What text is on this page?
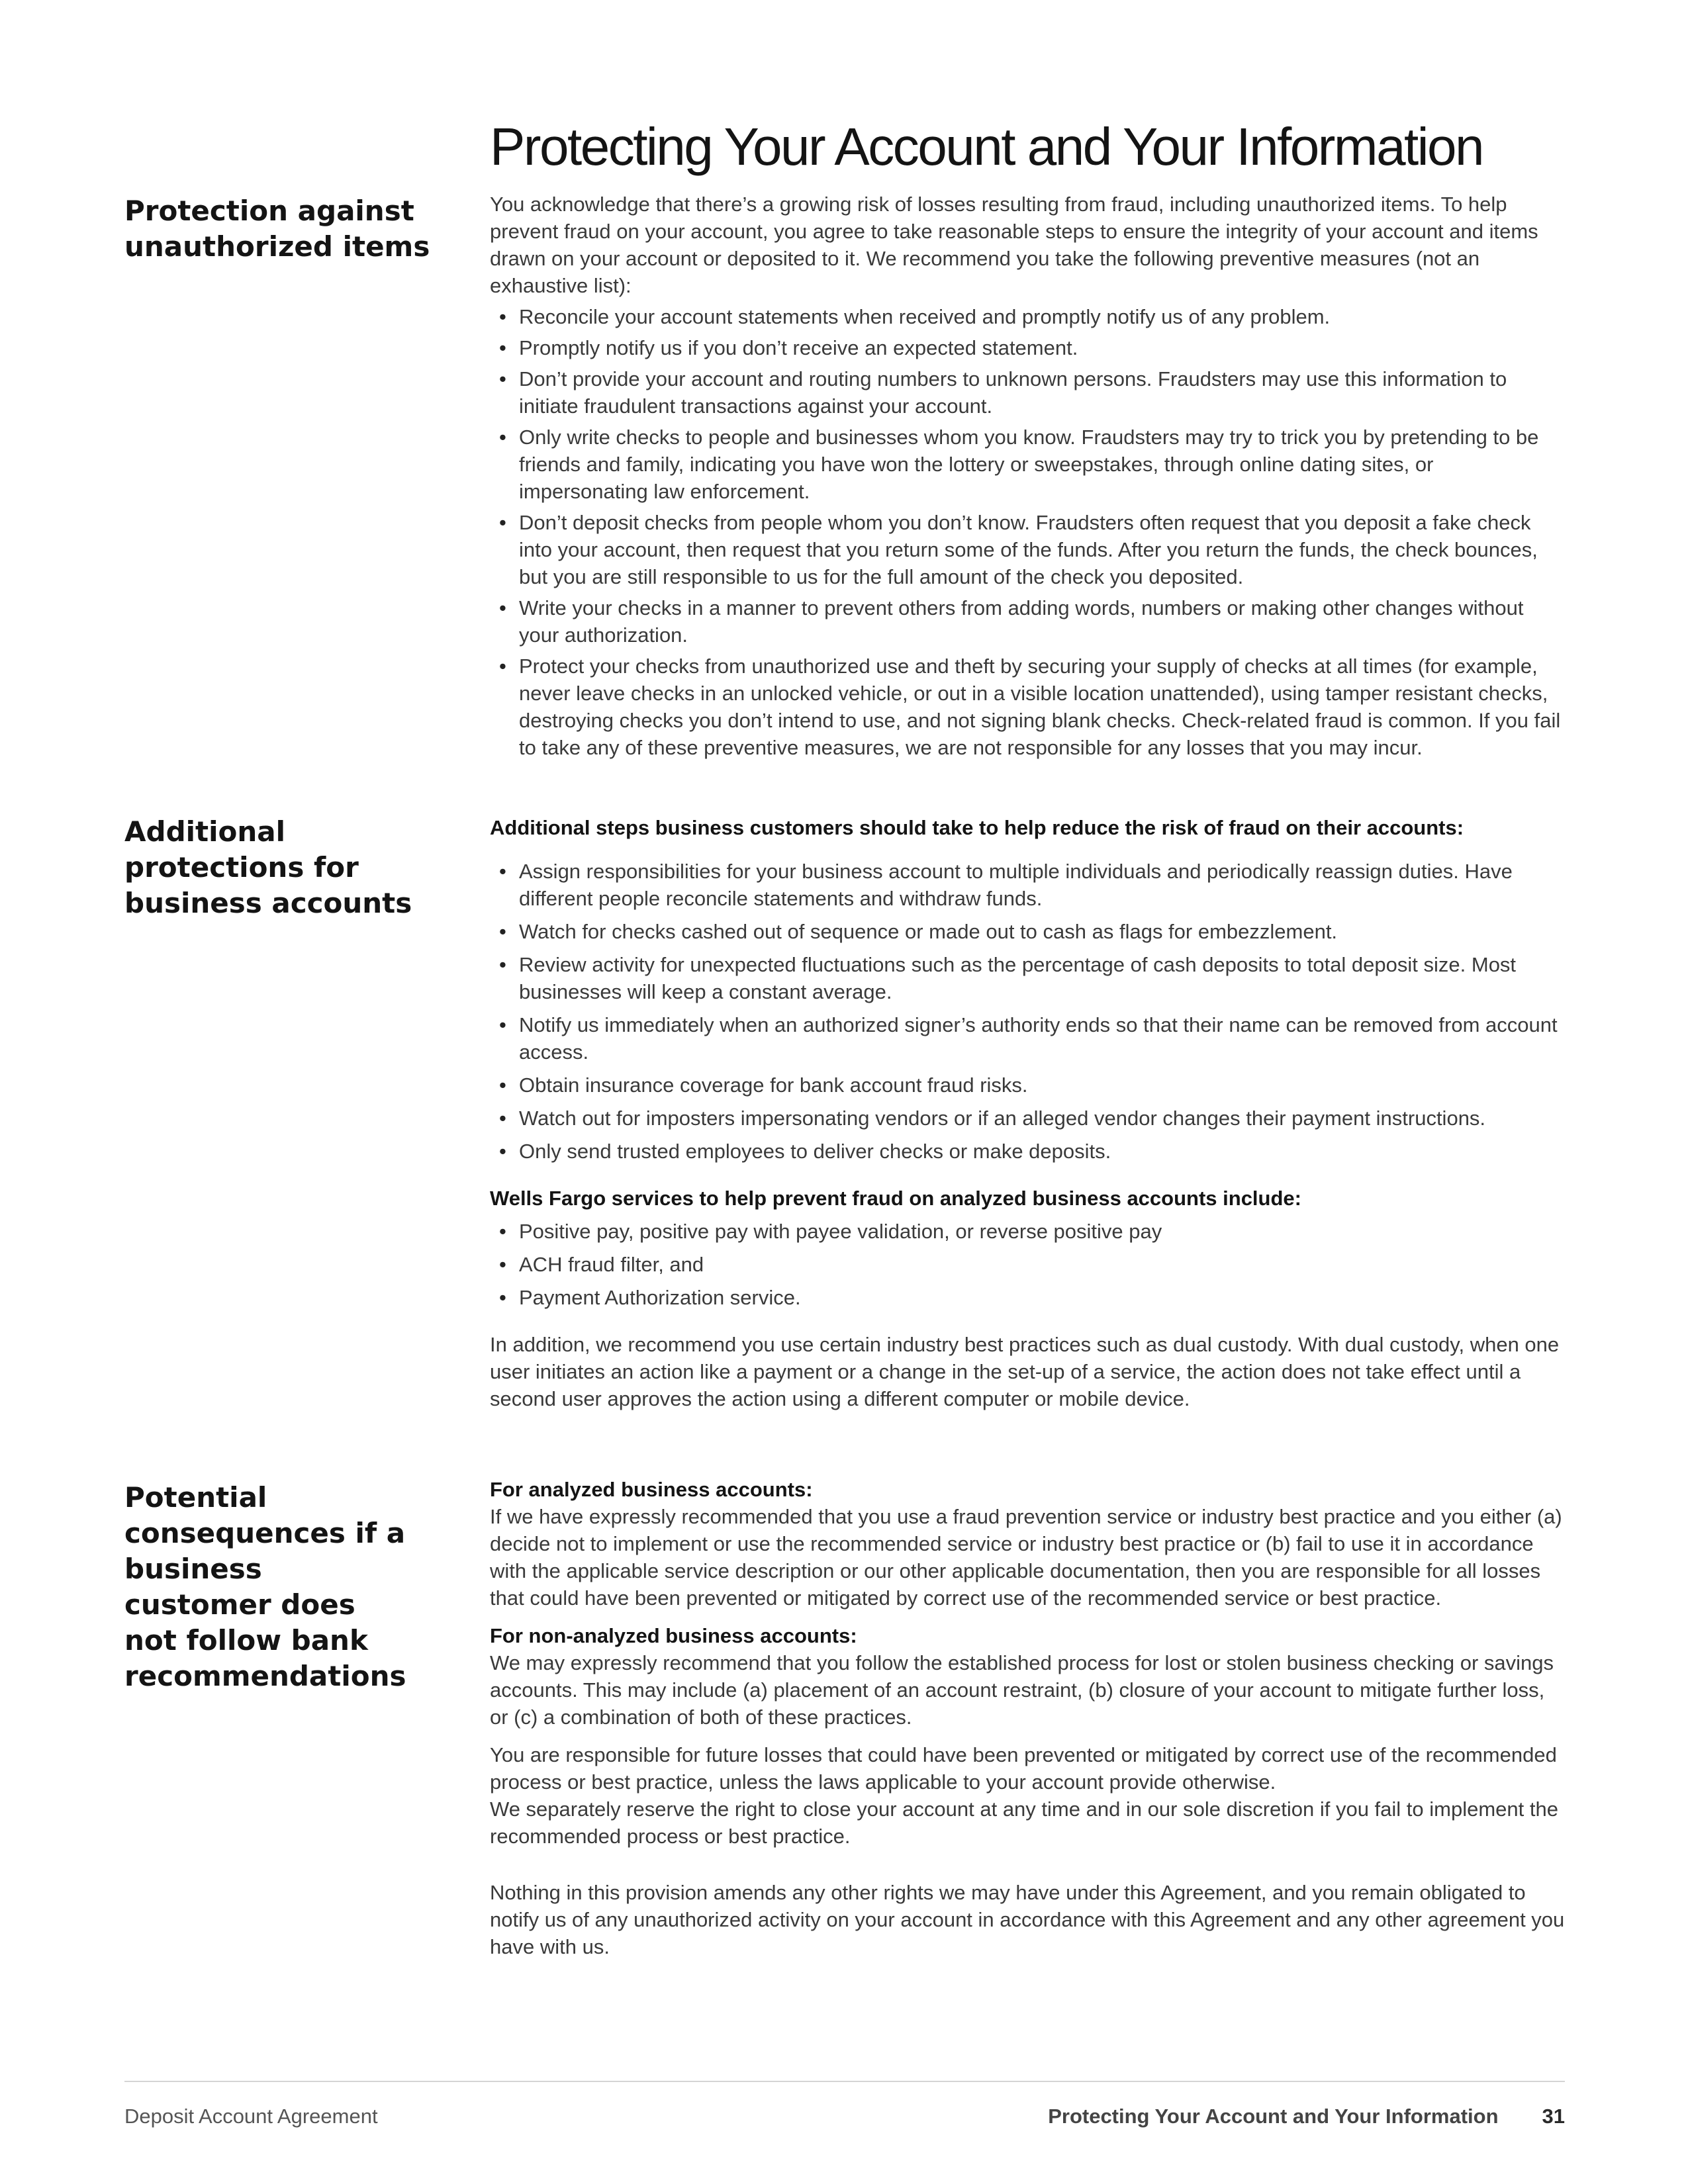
Protecting Your Account and Your Information
Protection against unauthorized items

You acknowledge that there’s a growing risk of losses resulting from fraud, including unauthorized items. To help prevent fraud on your account, you agree to take reasonable steps to ensure the integrity of your account and items drawn on your account or deposited to it. We recommend you take the following preventive measures (not an exhaustive list):

• Reconcile your account statements when received and promptly notify us of any problem.
• Promptly notify us if you don’t receive an expected statement.
• Don’t provide your account and routing numbers to unknown persons. Fraudsters may use this information to initiate fraudulent transactions against your account.
• Only write checks to people and businesses whom you know. Fraudsters may try to trick you by pretending to be friends and family, indicating you have won the lottery or sweepstakes, through online dating sites, or impersonating law enforcement.
• Don’t deposit checks from people whom you don’t know. Fraudsters often request that you deposit a fake check into your account, then request that you return some of the funds. After you return the funds, the check bounces, but you are still responsible to us for the full amount of the check you deposited.
• Write your checks in a manner to prevent others from adding words, numbers or making other changes without your authorization.
• Protect your checks from unauthorized use and theft by securing your supply of checks at all times (for example, never leave checks in an unlocked vehicle, or out in a visible location unattended), using tamper resistant checks, destroying checks you don’t intend to use, and not signing blank checks. Check-related fraud is common. If you fail to take any of these preventive measures, we are not responsible for any losses that you may incur.
Additional protections for business accounts

Additional steps business customers should take to help reduce the risk of fraud on their accounts:

• Assign responsibilities for your business account to multiple individuals and periodically reassign duties. Have different people reconcile statements and withdraw funds.
• Watch for checks cashed out of sequence or made out to cash as flags for embezzlement.
• Review activity for unexpected fluctuations such as the percentage of cash deposits to total deposit size. Most businesses will keep a constant average.
• Notify us immediately when an authorized signer’s authority ends so that their name can be removed from account access.
• Obtain insurance coverage for bank account fraud risks.
• Watch out for imposters impersonating vendors or if an alleged vendor changes their payment instructions.
• Only send trusted employees to deliver checks or make deposits.

Wells Fargo services to help prevent fraud on analyzed business accounts include:

• Positive pay, positive pay with payee validation, or reverse positive pay
• ACH fraud filter, and
• Payment Authorization service.

In addition, we recommend you use certain industry best practices such as dual custody. With dual custody, when one user initiates an action like a payment or a change in the set-up of a service, the action does not take effect until a second user approves the action using a different computer or mobile device.

Potential consequences if a business customer does not follow bank recommendations

For analyzed business accounts:

If we have expressly recommended that you use a fraud prevention service or industry best practice and you either (a) decide not to implement or use the recommended service or industry best practice or (b) fail to use it in accordance with the applicable service description or our other applicable documentation, then you are responsible for all losses that could have been prevented or mitigated by correct use of the recommended service or best practice.

For non-analyzed business accounts:

We may expressly recommend that you follow the established process for lost or stolen business checking or savings accounts. This may include (a) placement of an account restraint, (b) closure of your account to mitigate further loss, or (c) a combination of both of these practices.

You are responsible for future losses that could have been prevented or mitigated by correct use of the recommended process or best practice, unless the laws applicable to your account provide otherwise.

We separately reserve the right to close your account at any time and in our sole discretion if you fail to implement the recommended process or best practice.

Nothing in this provision amends any other rights we may have under this Agreement, and you remain obligated to notify us of any unauthorized activity on your account in accordance with this Agreement and any other agreement you have with us.

Deposit Account Agreement	Protecting Your Account and Your Information 31
